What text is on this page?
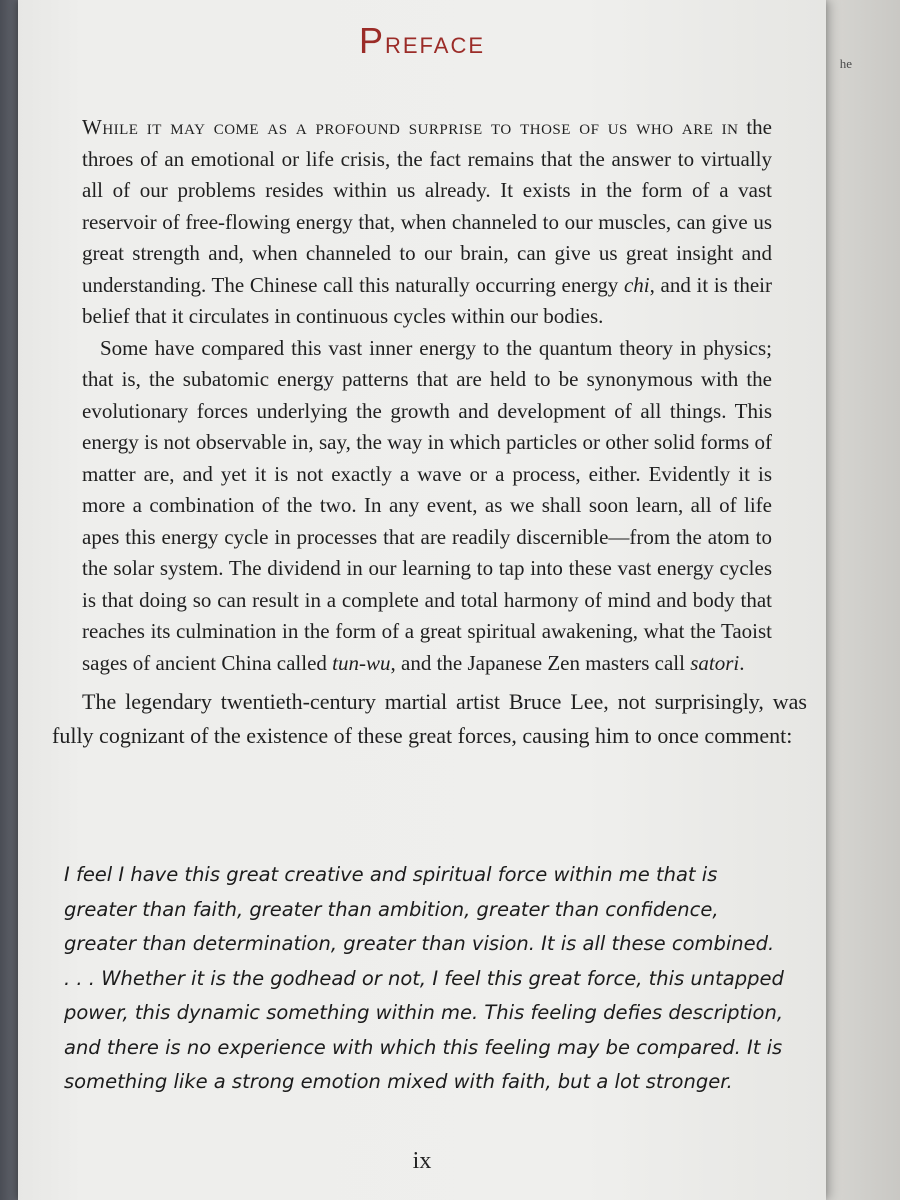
he
Preface

While it may come as a profound surprise to those of us who are in the throes of an emotional or life crisis, the fact remains that the answer to virtually all of our problems resides within us already. It exists in the form of a vast reservoir of free-flowing energy that, when channeled to our muscles, can give us great strength and, when channeled to our brain, can give us great insight and understanding. The Chinese call this naturally occurring energy chi, and it is their belief that it circulates in continuous cycles within our bodies.

Some have compared this vast inner energy to the quantum theory in physics; that is, the subatomic energy patterns that are held to be synonymous with the evolutionary forces underlying the growth and development of all things. This energy is not observable in, say, the way in which particles or other solid forms of matter are, and yet it is not exactly a wave or a process, either. Evidently it is more a combination of the two. In any event, as we shall soon learn, all of life apes this energy cycle in processes that are readily discernible—from the atom to the solar system. The dividend in our learning to tap into these vast energy cycles is that doing so can result in a complete and total harmony of mind and body that reaches its culmination in the form of a great spiritual awakening, what the Taoist sages of ancient China called tun-wu, and the Japanese Zen masters call satori.

The legendary twentieth-century martial artist Bruce Lee, not surprisingly, was fully cognizant of the existence of these great forces, causing him to once comment:

I feel I have this great creative and spiritual force within me that is greater than faith, greater than ambition, greater than confidence, greater than determination, greater than vision. It is all these combined. . . . Whether it is the godhead or not, I feel this great force, this untapped power, this dynamic something within me. This feeling defies description, and there is no experience with which this feeling may be compared. It is something like a strong emotion mixed with faith, but a lot stronger.
ix
